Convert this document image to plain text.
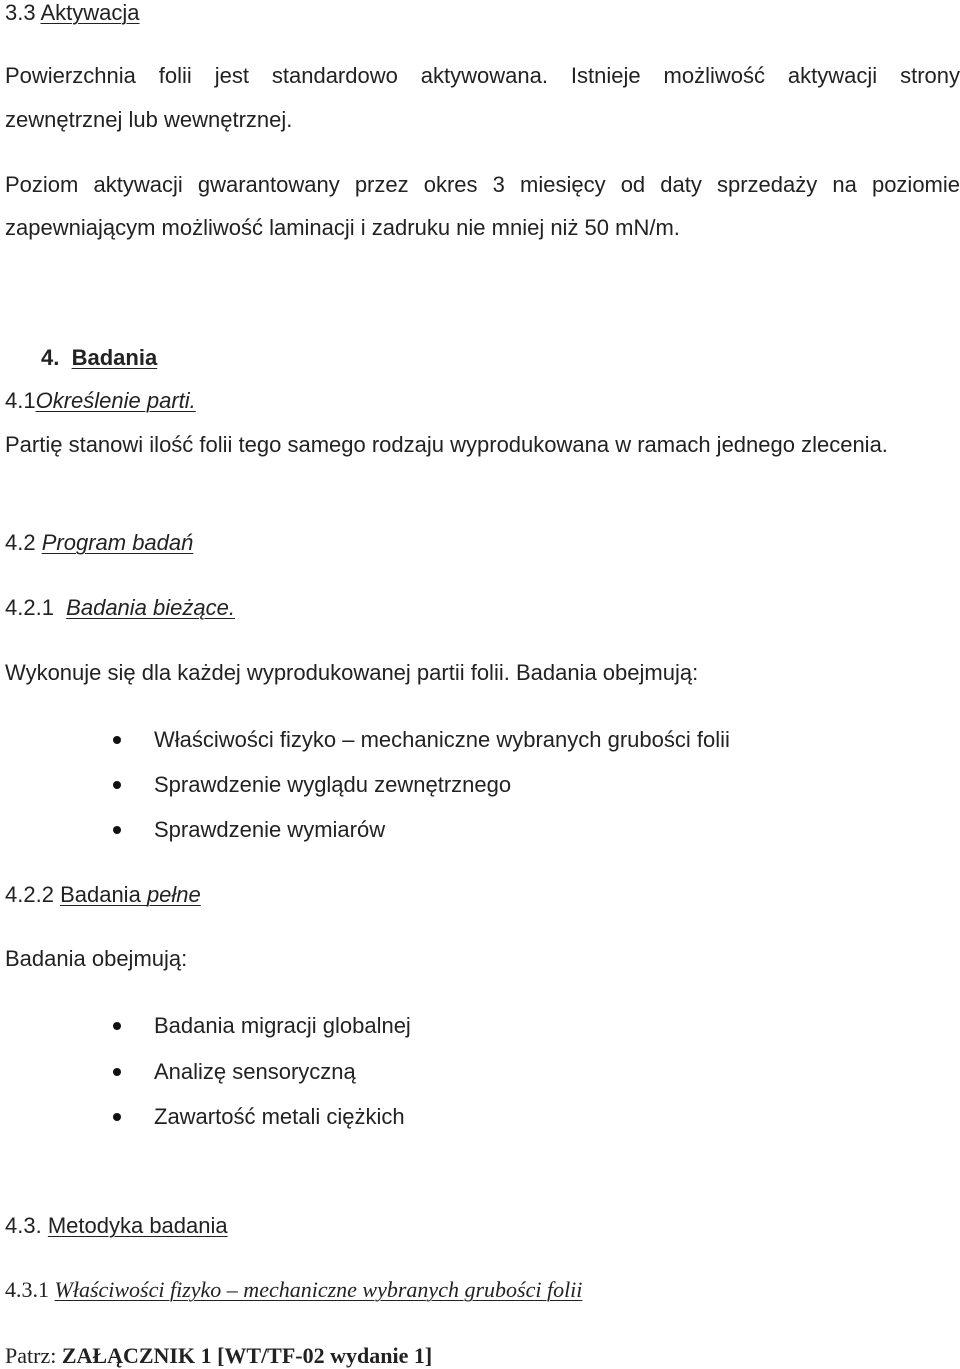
3.3 Aktywacja
Powierzchnia folii jest standardowo aktywowana. Istnieje możliwość aktywacji strony
zewnętrznej lub wewnętrznej.
Poziom aktywacji gwarantowany przez okres 3 miesięcy od daty sprzedaży na poziomie
zapewniającym możliwość laminacji i zadruku nie mniej niż 50 mN/m.
4. Badania
4.1Określenie parti.
Partię stanowi ilość folii tego samego rodzaju wyprodukowana w ramach jednego zlecenia.
4.2 Program badań
4.2.1 Badania bieżące.
Wykonuje się dla każdej wyprodukowanej partii folii. Badania obejmują:
Właściwości fizyko – mechaniczne wybranych grubości folii
Sprawdzenie wyglądu zewnętrznego
Sprawdzenie wymiarów
4.2.2 Badania pełne
Badania obejmują:
Badania migracji globalnej
Analizę sensoryczną
Zawartość metali ciężkich
4.3. Metodyka badania
4.3.1 Właściwości fizyko – mechaniczne wybranych grubości folii
Patrz: ZAŁĄCZNIK 1 [WT/TF-02 wydanie 1]
